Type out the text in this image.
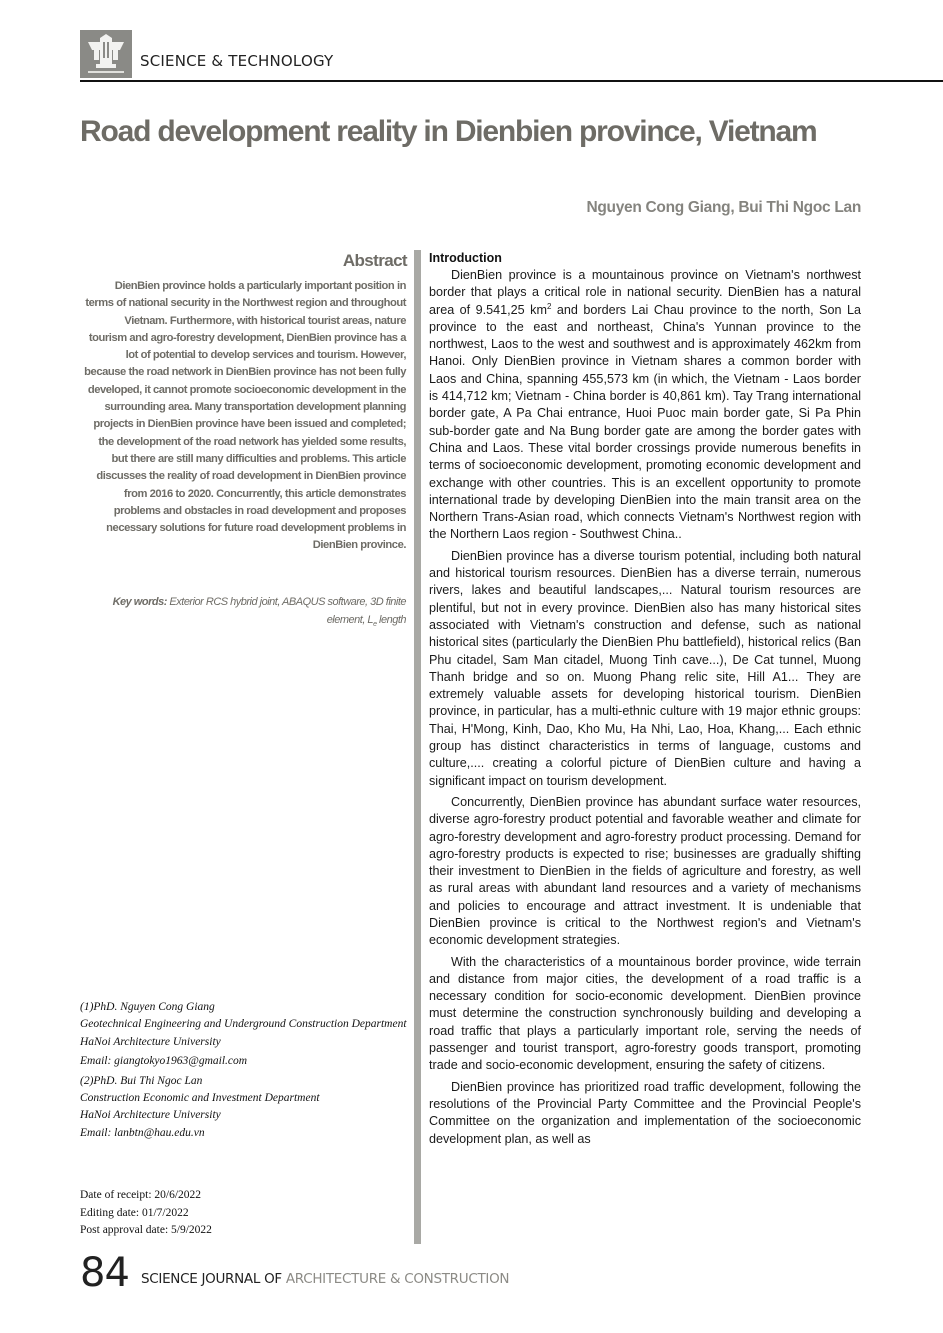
SCIENCE & TECHNOLOGY
Road development reality in Dienbien province, Vietnam
Nguyen Cong Giang, Bui Thi Ngoc Lan
Abstract
DienBien province holds a particularly important position in terms of national security in the Northwest region and throughout Vietnam. Furthermore, with historical tourist areas, nature tourism and agro-forestry development, DienBien province has a lot of potential to develop services and tourism. However, because the road network in DienBien province has not been fully developed, it cannot promote socioeconomic development in the surrounding area. Many transportation development planning projects in DienBien province have been issued and completed; the development of the road network has yielded some results, but there are still many difficulties and problems. This article discusses the reality of road development in DienBien province from 2016 to 2020. Concurrently, this article demonstrates problems and obstacles in road development and proposes necessary solutions for future road development problems in DienBien province.
Key words: Exterior RCS hybrid joint, ABAQUS software, 3D finite element, $L_e$ length
(1)PhD. Nguyen Cong Giang
Geotechnical Engineering and Underground Construction Department
HaNoi Architecture University
Email: giangtokyo1963@gmail.com
(2)PhD. Bui Thi Ngoc Lan
Construction Economic and Investment Department
HaNoi Architecture University
Email: lanbtn@hau.edu.vn
Date of receipt: 20/6/2022
Editing date: 01/7/2022
Post approval date: 5/9/2022
Introduction

DienBien province is a mountainous province on Vietnam's northwest border that plays a critical role in national security. DienBien has a natural area of 9.541,25 $km^2$ and borders Lai Chau province to the north, Son La province to the east and northeast, China's Yunnan province to the northwest, Laos to the west and southwest and is approximately 462km from Hanoi. Only DienBien province in Vietnam shares a common border with Laos and China, spanning 455,573 km (in which, the Vietnam - Laos border is 414,712 km; Vietnam - China border is 40,861 km). Tay Trang international border gate, A Pa Chai entrance, Huoi Puoc main border gate, Si Pa Phin sub-border gate and Na Bung border gate are among the border gates with China and Laos. These vital border crossings provide numerous benefits in terms of socioeconomic development, promoting economic development and exchange with other countries. This is an excellent opportunity to promote international trade by developing DienBien into the main transit area on the Northern Trans-Asian road, which connects Vietnam's Northwest region with the Northern Laos region - Southwest China..

DienBien province has a diverse tourism potential, including both natural and historical tourism resources. DienBien has a diverse terrain, numerous rivers, lakes and beautiful landscapes,... Natural tourism resources are plentiful, but not in every province. DienBien also has many historical sites associated with Vietnam's construction and defense, such as national historical sites (particularly the DienBien Phu battlefield), historical relics (Ban Phu citadel, Sam Man citadel, Muong Tinh cave...), De Cat tunnel, Muong Thanh bridge and so on. Muong Phang relic site, Hill A1... They are extremely valuable assets for developing historical tourism. DienBien province, in particular, has a multi-ethnic culture with 19 major ethnic groups: Thai, H'Mong, Kinh, Dao, Kho Mu, Ha Nhi, Lao, Hoa, Khang,... Each ethnic group has distinct characteristics in terms of language, customs and culture,.... creating a colorful picture of DienBien culture and having a significant impact on tourism development.

Concurrently, DienBien province has abundant surface water resources, diverse agro-forestry product potential and favorable weather and climate for agro-forestry development and agro-forestry product processing. Demand for agro-forestry products is expected to rise; businesses are gradually shifting their investment to DienBien in the fields of agriculture and forestry, as well as rural areas with abundant land resources and a variety of mechanisms and policies to encourage and attract investment. It is undeniable that DienBien province is critical to the Northwest region's and Vietnam's economic development strategies.

With the characteristics of a mountainous border province, wide terrain and distance from major cities, the development of a road traffic is a necessary condition for socio-economic development. DienBien province must determine the construction synchronously building and developing a road traffic that plays a particularly important role, serving the needs of passenger and tourist transport, agro-forestry goods transport, promoting trade and socio-economic development, ensuring the safety of citizens.

DienBien province has prioritized road traffic development, following the resolutions of the Provincial Party Committee and the Provincial People's Committee on the organization and implementation of the socioeconomic development plan, as well as

84 SCIENCE JOURNAL OF ARCHITECTURE & CONSTRUCTION
